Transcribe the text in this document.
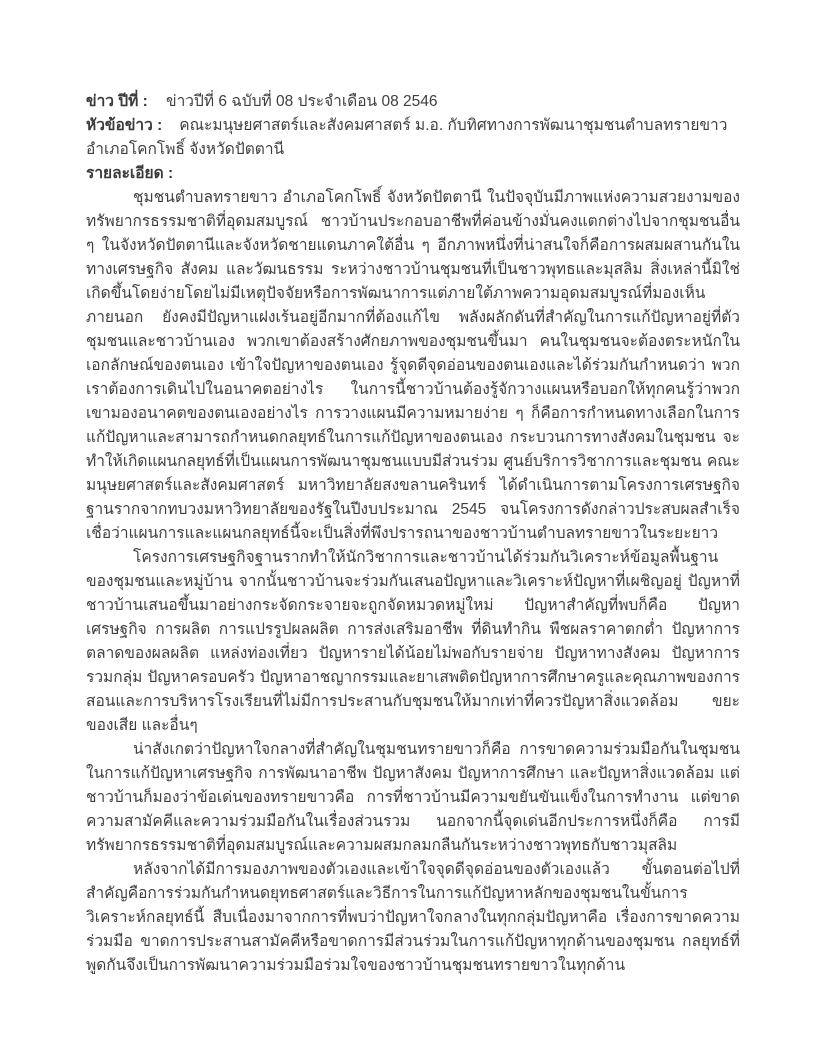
ข่าว ปีที่ : ข่าวปีที่ 6 ฉบับที่ 08 ประจำเดือน 08 2546
หัวข้อข่าว : คณะมนุษยศาสตร์และสังคมศาสตร์ ม.อ. กับทิศทางการพัฒนาชุมชนตำบลทรายขาว อำเภอโคกโพธิ์ จังหวัดปัตตานี
รายละเอียด :

ชุมชนตำบลทรายขาว อำเภอโคกโพธิ์ จังหวัดปัตตานี ในปัจจุบันมีภาพแห่งความสวยงามของทรัพยากรธรรมชาติที่อุดมสมบูรณ์ ชาวบ้านประกอบอาชีพที่ค่อนข้างมั่นคงแตกต่างไปจากชุมชนอื่น ๆ ในจังหวัดปัตตานีและจังหวัดชายแดนภาคใต้อื่น ๆ อีกภาพหนึ่งที่น่าสนใจก็คือการผสมผสานกันในทางเศรษฐกิจ สังคม และวัฒนธรรม ระหว่างชาวบ้านชุมชนที่เป็นชาวพุทธและมุสลิม สิ่งเหล่านี้มิใช่เกิดขึ้นโดยง่ายโดยไม่มีเหตุปัจจัยหรือการพัฒนาการแต่ภายใต้ภาพความอุดมสมบูรณ์ที่มองเห็นภายนอก ยังคงมีปัญหาแฝงเร้นอยู่อีกมากที่ต้องแก้ไข พลังผลักดันที่สำคัญในการแก้ปัญหาอยู่ที่ตัวชุมชนและชาวบ้านเอง พวกเขาต้องสร้างศักยภาพของชุมชนขึ้นมา คนในชุมชนจะต้องตระหนักในเอกลักษณ์ของตนเอง เข้าใจปัญหาของตนเอง รู้จุดดีจุดอ่อนของตนเองและได้ร่วมกันกำหนดว่า พวกเราต้องการเดินไปในอนาคตอย่างไร ในการนี้ชาวบ้านต้องรู้จักวางแผนหรือบอกให้ทุกคนรู้ว่าพวกเขามองอนาคตของตนเองอย่างไร การวางแผนมีความหมายง่าย ๆ ก็คือการกำหนดทางเลือกในการแก้ปัญหาและสามารถกำหนดกลยุทธ์ในการแก้ปัญหาของตนเอง กระบวนการทางสังคมในชุมชน จะทำให้เกิดแผนกลยุทธ์ที่เป็นแผนการพัฒนาชุมชนแบบมีส่วนร่วม ศูนย์บริการวิชาการและชุมชน คณะมนุษยศาสตร์และสังคมศาสตร์ มหาวิทยาลัยสงขลานครินทร์ ได้ดำเนินการตามโครงการเศรษฐกิจฐานรากจากทบวงมหาวิทยาลัยของรัฐในปีงบประมาณ 2545 จนโครงการดังกล่าวประสบผลสำเร็จ เชื่อว่าแผนการและแผนกลยุทธ์นี้จะเป็นสิ่งที่พึงปรารถนาของชาวบ้านตำบลทรายขาวในระยะยาว

โครงการเศรษฐกิจฐานรากทำให้นักวิชาการและชาวบ้านได้ร่วมกันวิเคราะห์ข้อมูลพื้นฐานของชุมชนและหมู่บ้าน จากนั้นชาวบ้านจะร่วมกันเสนอปัญหาและวิเคราะห์ปัญหาที่เผชิญอยู่ ปัญหาที่ชาวบ้านเสนอขึ้นมาอย่างกระจัดกระจายจะถูกจัดหมวดหมู่ใหม่ ปัญหาสำคัญที่พบก็คือ ปัญหาเศรษฐกิจ การผลิต การแปรรูปผลผลิต การส่งเสริมอาชีพ ที่ดินทำกิน พืชผลราคาตกต่ำ ปัญหาการตลาดของผลผลิต แหล่งท่องเที่ยว ปัญหารายได้น้อยไม่พอกับรายจ่าย ปัญหาทางสังคม ปัญหาการรวมกลุ่ม ปัญหาครอบครัว ปัญหาอาชญากรรมและยาเสพติดปัญหาการศึกษาครูและคุณภาพของการสอนและการบริหารโรงเรียนที่ไม่มีการประสานกับชุมชนให้มากเท่าที่ควรปัญหาสิ่งแวดล้อม ขยะ ของเสีย และอื่นๆ

น่าสังเกตว่าปัญหาใจกลางที่สำคัญในชุมชนทรายขาวก็คือ การขาดความร่วมมือกันในชุมชนในการแก้ปัญหาเศรษฐกิจ การพัฒนาอาชีพ ปัญหาสังคม ปัญหาการศึกษา และปัญหาสิ่งแวดล้อม แต่ชาวบ้านก็มองว่าข้อเด่นของทรายขาวคือ การที่ชาวบ้านมีความขยันขันแข็งในการทำงาน แต่ขาดความสามัคคีและความร่วมมือกันในเรื่องส่วนรวม นอกจากนี้จุดเด่นอีกประการหนึ่งก็คือ การมีทรัพยากรธรรมชาติที่อุดมสมบูรณ์และความผสมกลมกลืนกันระหว่างชาวพุทธกับชาวมุสลิม

หลังจากได้มีการมองภาพของตัวเองและเข้าใจจุดดีจุดอ่อนของตัวเองแล้ว ขั้นตอนต่อไปที่สำคัญคือการร่วมกันกำหนดยุทธศาสตร์และวิธีการในการแก้ปัญหาหลักของชุมชนในขั้นการวิเคราะห์กลยุทธ์นี้ สืบเนื่องมาจากการที่พบว่าปัญหาใจกลางในทุกกลุ่มปัญหาคือ เรื่องการขาดความร่วมมือ ขาดการประสานสามัคคีหรือขาดการมีส่วนร่วมในการแก้ปัญหาทุกด้านของชุมชน กลยุทธ์ที่พูดกันจึงเป็นการพัฒนาความร่วมมือร่วมใจของชาวบ้านชุมชนทรายขาวในทุกด้าน
